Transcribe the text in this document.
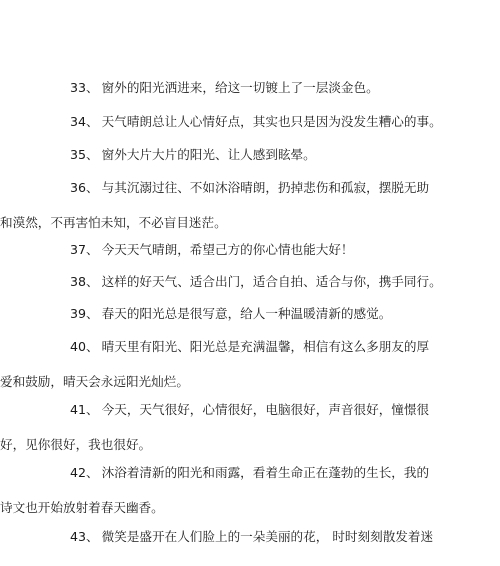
33、 窗外的阳光洒进来，给这一切镀上了一层淡金色。

34、 天气晴朗总让人心情好点，其实也只是因为没发生糟心的事。

35、 窗外大片大片的阳光、让人感到眩晕。

36、 与其沉溺过往、不如沐浴晴朗，扔掉悲伤和孤寂，摆脱无助
和漠然，不再害怕未知，不必盲目迷茫。

37、 今天天气晴朗，希望己方的你心情也能大好！

38、 这样的好天气、适合出门，适合自拍、适合与你，携手同行。

39、 春天的阳光总是很写意，给人一种温暖清新的感觉。

40、 晴天里有阳光、阳光总是充满温馨，相信有这么多朋友的厚
爱和鼓励，晴天会永远阳光灿烂。

41、 今天，天气很好，心情很好，电脑很好，声音很好，憧憬很
好，见你很好，我也很好。

42、 沐浴着清新的阳光和雨露，看着生命正在蓬勃的生长，我的
诗文也开始放射着春天幽香。

43、 微笑是盛开在人们脸上的一朵美丽的花， 时时刻刻散发着迷
